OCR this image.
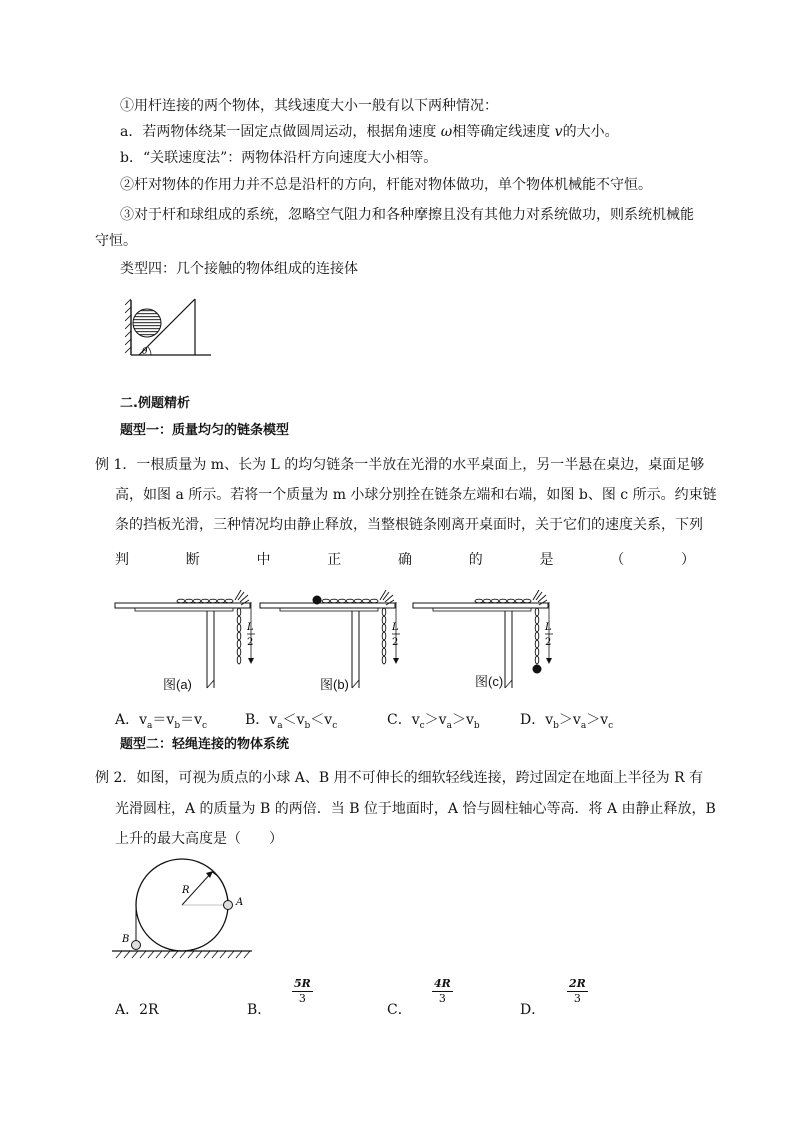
①用杆连接的两个物体，其线速度大小一般有以下两种情况：
a．若两物体绕某一固定点做圆周运动，根据角速度 ω相等确定线速度 v的大小。
b．“关联速度法”：两物体沿杆方向速度大小相等。
②杆对物体的作用力并不总是沿杆的方向，杆能对物体做功，单个物体机械能不守恒。
③对于杆和球组成的系统，忽略空气阻力和各种摩擦且没有其他力对系统做功，则系统机械能
守恒。
类型四：几个接触的物体组成的连接体
θ
二.例题精析
题型一：质量均匀的链条模型
例 1．一根质量为 m、长为 L 的均匀链条一半放在光滑的水平桌面上，另一半悬在桌边，桌面足够
高，如图 a 所示。若将一个质量为 m 小球分别拴在链条左端和右端，如图 b、图 c 所示。约束链
条的挡板光滑，三种情况均由静止释放，当整根链条刚离开桌面时，关于它们的速度关系，下列
判	断	中	正	确	的	是	（	）
L
2
图(a)
L
2
图(b)
L
2
图(c)
A．$v_a=v_b=v_c$	B．$v_a<v_b<v_c$	C．$v_c>v_a>v_b$	D．$v_b>v_a>v_c$
题型二：轻绳连接的物体系统
例 2．如图，可视为质点的小球 A、B 用不可伸长的细软轻线连接，跨过固定在地面上半径为 R 有
光滑圆柱，A 的质量为 B 的两倍．当 B 位于地面时，A 恰与圆柱轴心等高．将 A 由静止释放，B
上升的最大高度是（　　）
R
A
B
A．2R	B．
$\frac{5R}{3}$
C．
$\frac{4R}{3}$
D．
$\frac{2R}{3}$
